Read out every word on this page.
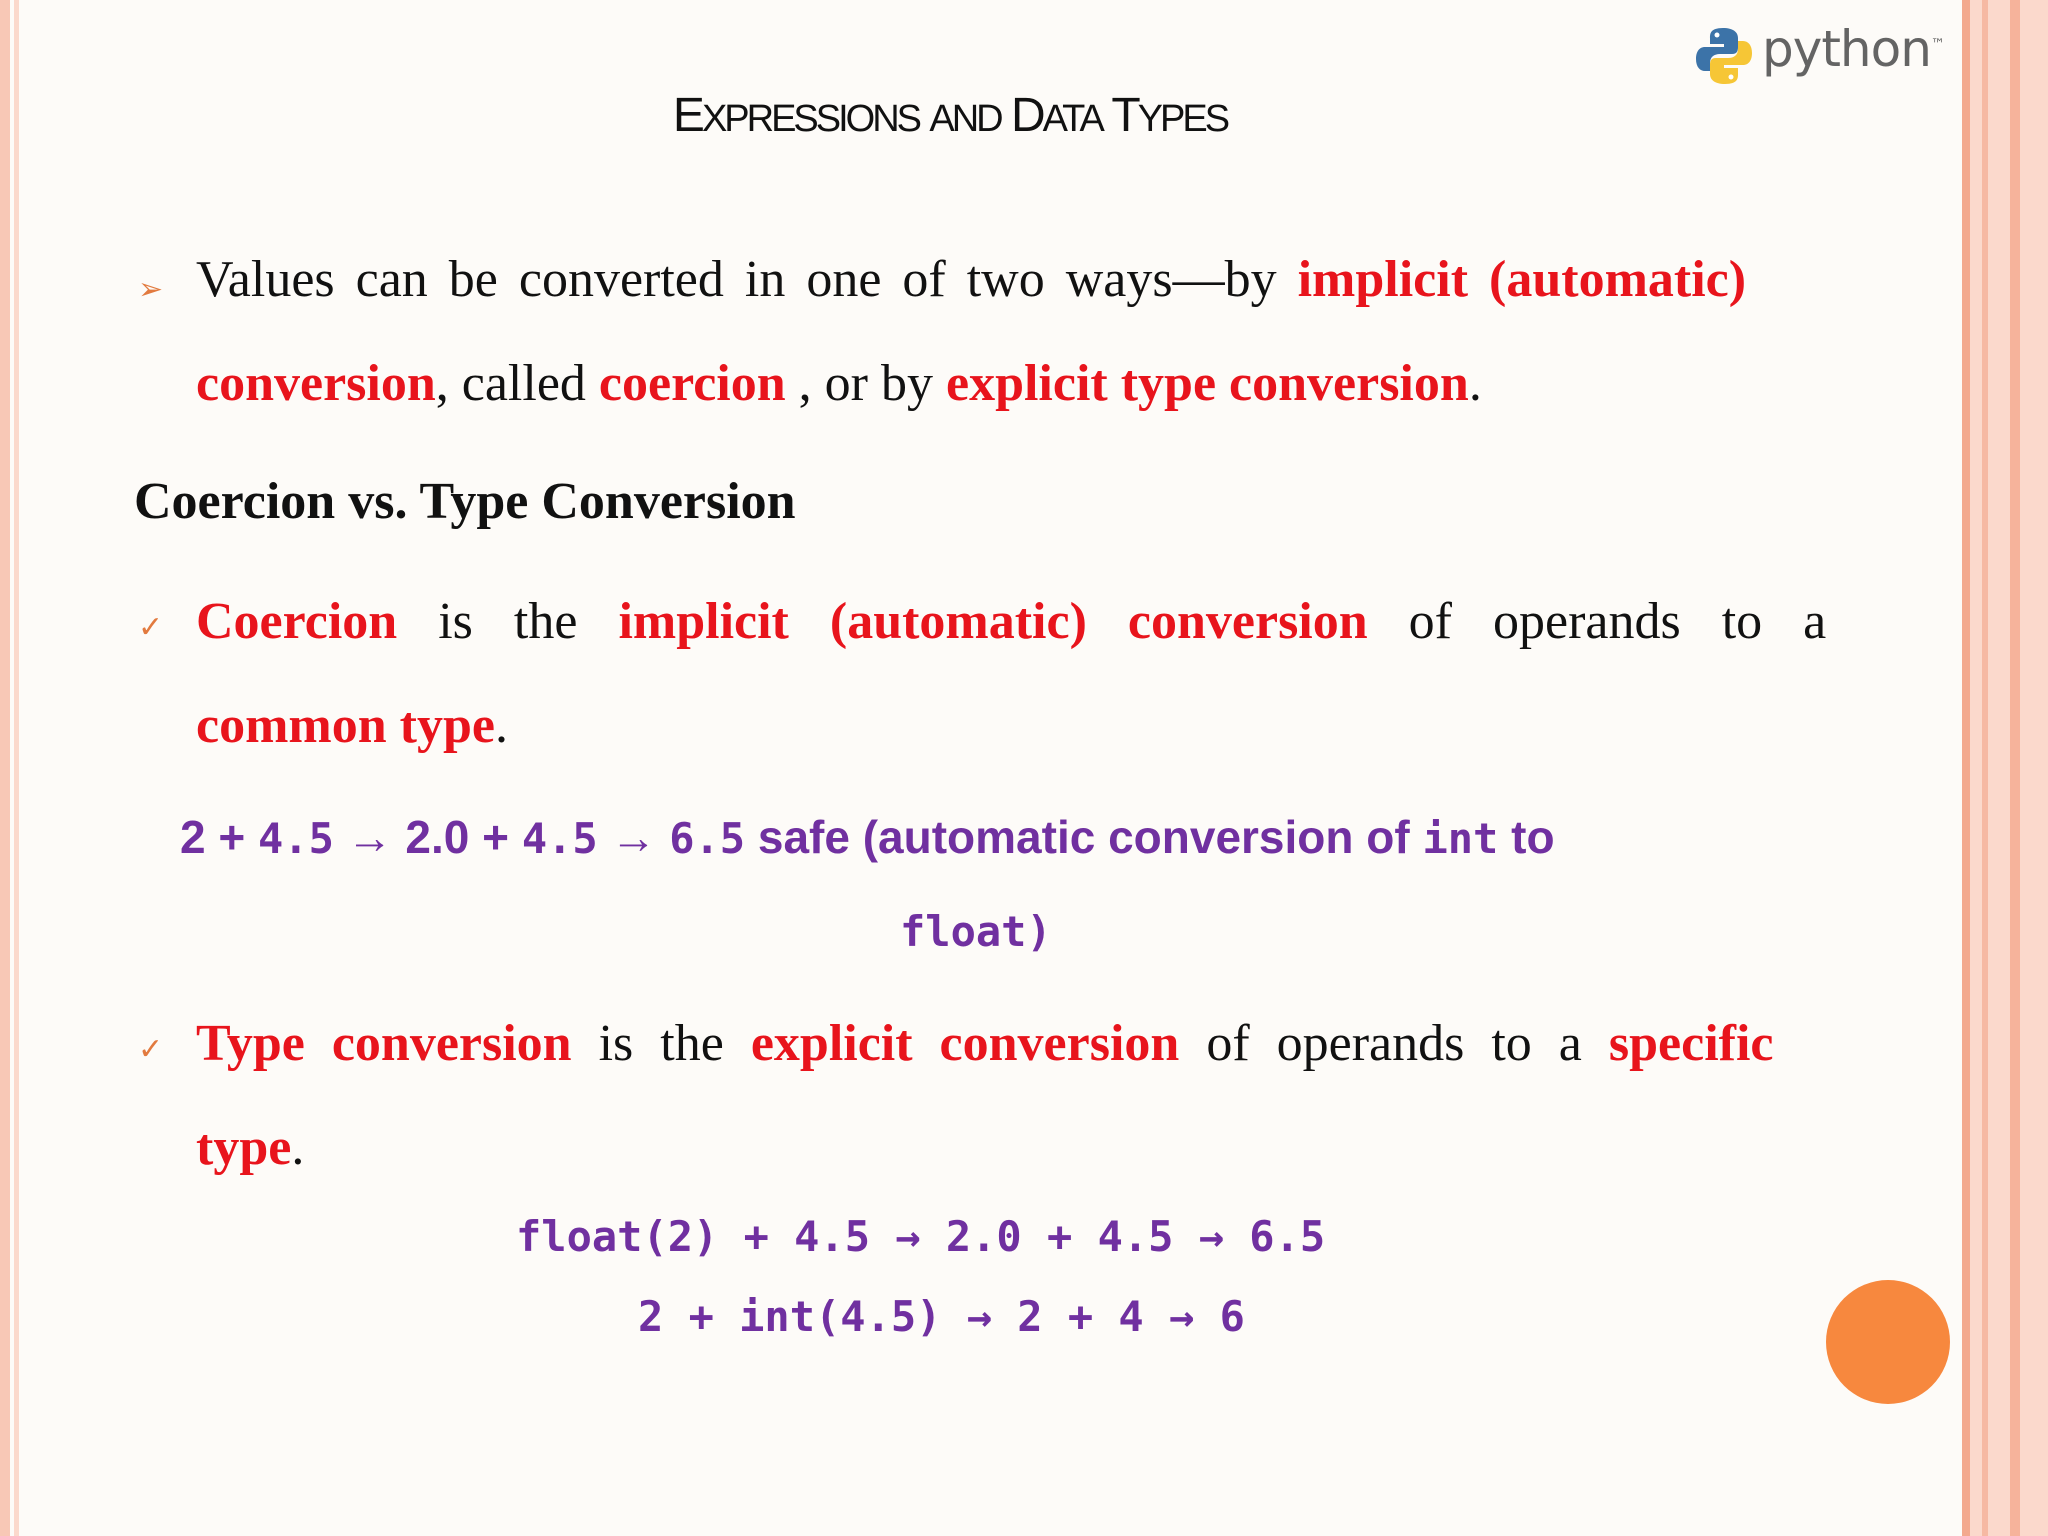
python™
EXPRESSIONS AND DATA TYPES
➢ Values can be converted in one of two ways—by implicit (automatic)
conversion, called coercion , or by explicit type conversion.
Coercion vs. Type Conversion
✓ Coercion is the implicit (automatic) conversion of operands to a
common type.
2 + 4.5 → 2.0 + 4.5 → 6.5 safe (automatic conversion of int to
float)
✓ Type conversion is the explicit conversion of operands to a specific
type.
float(2) + 4.5 → 2.0 + 4.5 → 6.5
2 + int(4.5) → 2 + 4 → 6
